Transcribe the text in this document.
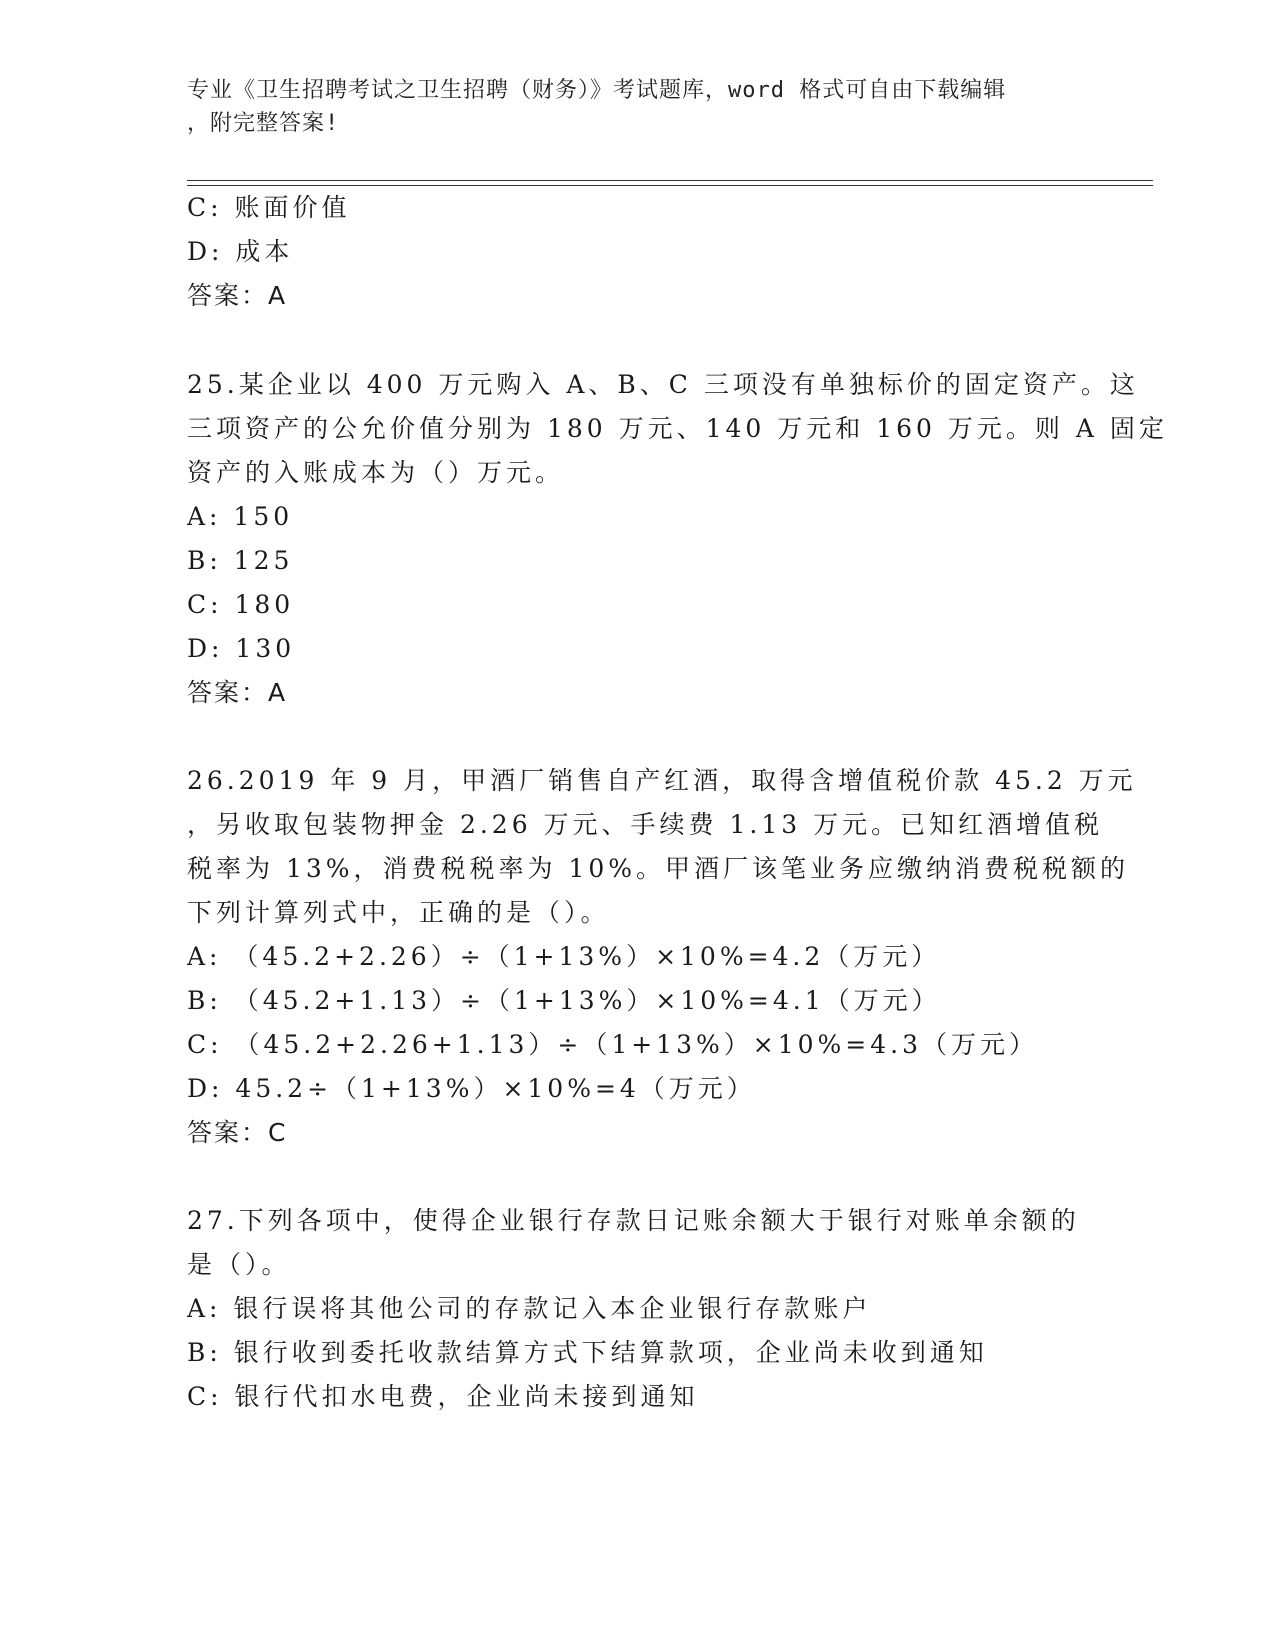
专业《卫生招聘考试之卫生招聘（财务）》考试题库，word 格式可自由下载编辑
，附完整答案!
C: 账面价值
D: 成本
答案：A
25.某企业以 400 万元购入 A、B、C 三项没有单独标价的固定资产。这
三项资产的公允价值分别为 180 万元、140 万元和 160 万元。则 A 固定
资产的入账成本为（）万元。
A: 150
B: 125
C: 180
D: 130
答案：A
26.2019 年 9 月，甲酒厂销售自产红酒，取得含增值税价款 45.2 万元
，另收取包装物押金 2.26 万元、手续费 1.13 万元。已知红酒增值税
税率为 13%，消费税税率为 10%。甲酒厂该笔业务应缴纳消费税税额的
下列计算列式中，正确的是（）。
A: （45.2+2.26）÷（1+13%）×10%=4.2（万元）
B: （45.2+1.13）÷（1+13%）×10%=4.1（万元）
C: （45.2+2.26+1.13）÷（1+13%）×10%=4.3（万元）
D: 45.2÷（1+13%）×10%=4（万元）
答案：C
27.下列各项中，使得企业银行存款日记账余额大于银行对账单余额的
是（）。
A: 银行误将其他公司的存款记入本企业银行存款账户
B: 银行收到委托收款结算方式下结算款项，企业尚未收到通知
C: 银行代扣水电费，企业尚未接到通知
